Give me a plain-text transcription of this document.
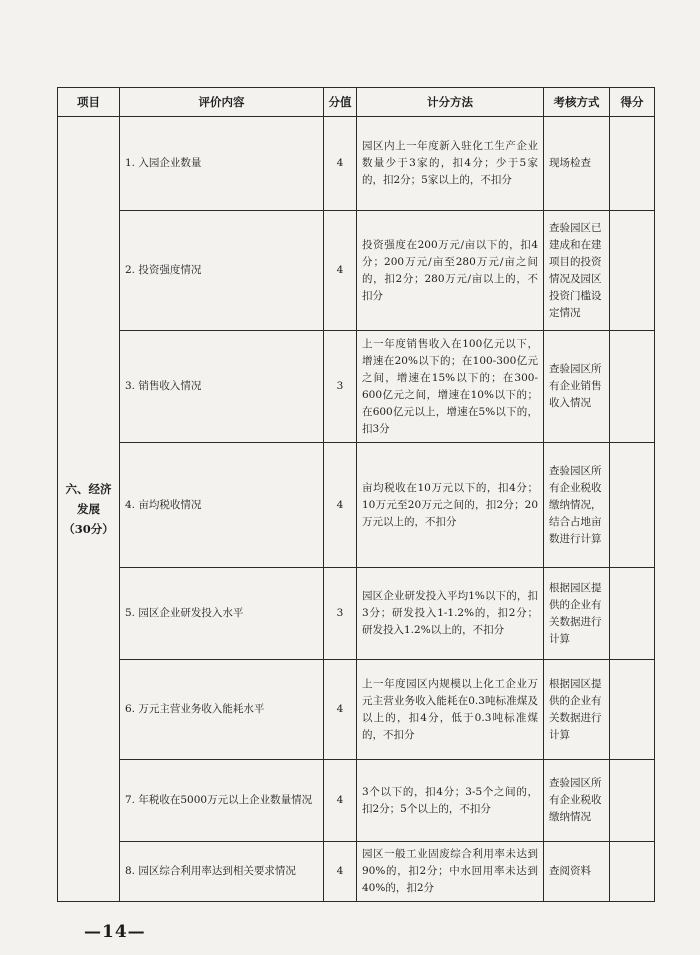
项目	评价内容	分值	计分方法	考核方式	得分

六、经济
发展
（30分）	1. 入园企业数量	4	园区内上一年度新入驻化工生产企业数量少于3家的，扣4分；少于5家的，扣2分；5家以上的，不扣分	现场检查	
	2. 投资强度情况	4	投资强度在200万元/亩以下的，扣4分；200万元/亩至280万元/亩之间的，扣2分；280万元/亩以上的，不扣分	查验园区已建成和在建项目的投资情况及园区投资门槛设定情况	
	3. 销售收入情况	3	上一年度销售收入在100亿元以下，增速在20%以下的；在100-300亿元之间，增速在15%以下的；在300-600亿元之间，增速在10%以下的；在600亿元以上，增速在5%以下的，扣3分	查验园区所有企业销售收入情况	
	4. 亩均税收情况	4	亩均税收在10万元以下的，扣4分；10万元至20万元之间的，扣2分；20万元以上的，不扣分	查验园区所有企业税收缴纳情况，结合占地亩数进行计算	
	5. 园区企业研发投入水平	3	园区企业研发投入平均1%以下的，扣3分；研发投入1-1.2%的，扣2分；研发投入1.2%以上的，不扣分	根据园区提供的企业有关数据进行计算	
	6. 万元主营业务收入能耗水平	4	上一年度园区内规模以上化工企业万元主营业务收入能耗在0.3吨标准煤及以上的，扣4分，低于0.3吨标准煤的，不扣分	根据园区提供的企业有关数据进行计算	
	7. 年税收在5000万元以上企业数量情况	4	3个以下的，扣4分；3-5个之间的，扣2分；5个以上的，不扣分	查验园区所有企业税收缴纳情况	
	8. 园区综合利用率达到相关要求情况	4	园区一般工业固废综合利用率未达到90%的，扣2分；中水回用率未达到40%的，扣2分	查阅资料	
—14—
